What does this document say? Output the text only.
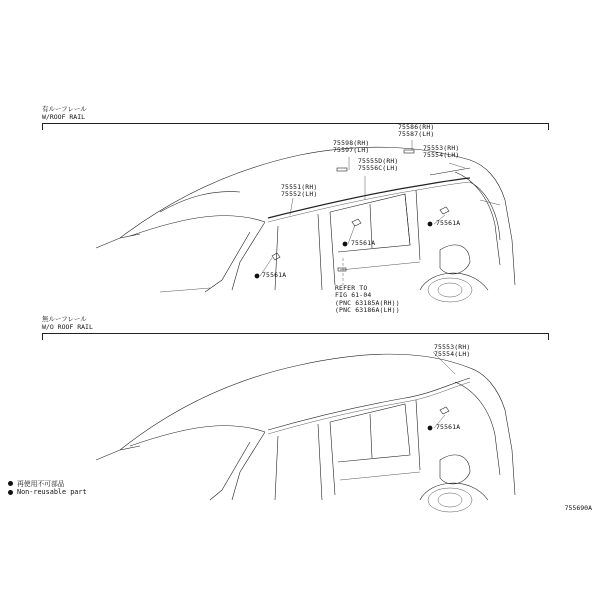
有ルーフレール
W/ROOF RAIL
無ルーフレール
W/O ROOF RAIL
75586(RH)
75587(LH)
75598(RH)
75597(LH)	75553(RH)
75554(LH)
75555D(RH)
75556C(LH)
75551(RH)
75552(LH)
75561A
75561A
75561A
REFER TO
FIG 61-04
(PNC 63185A(RH))
(PNC 63186A(LH))
75553(RH)
75554(LH)
75561A
再使用不可部品
Non-reusable part
755690A
